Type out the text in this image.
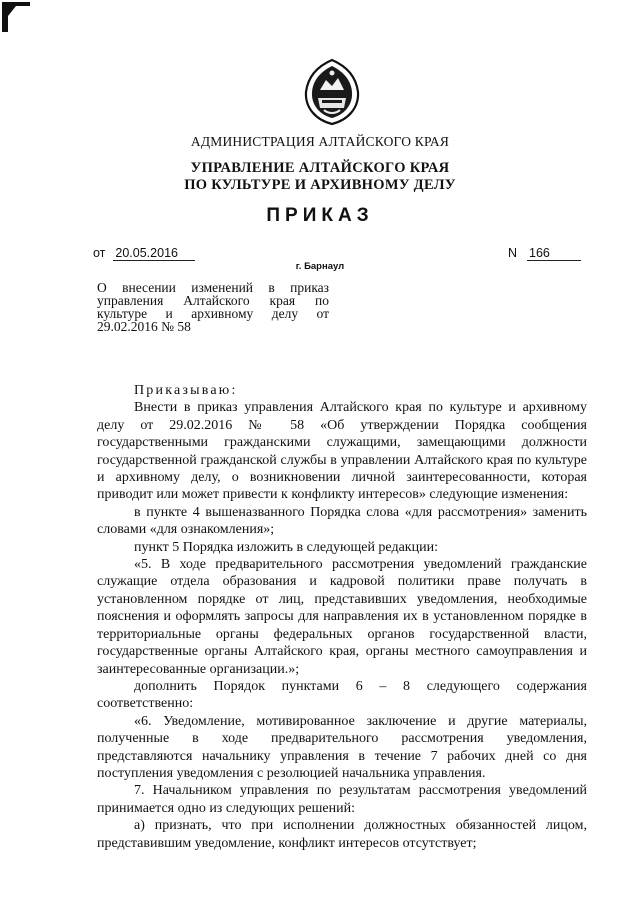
АДМИНИСТРАЦИЯ АЛТАЙСКОГО КРАЯ
УПРАВЛЕНИЕ АЛТАЙСКОГО КРАЯ
ПО КУЛЬТУРЕ И АРХИВНОМУ ДЕЛУ
ПРИКАЗ
от 20.05.2016	N 166
г. Барнаул
О внесении изменений в приказ
управления Алтайского края по
культуре и архивному делу от
29.02.2016 № 58

Приказываю:

Внести в приказ управления Алтайского края по культуре и архивному делу от 29.02.2016 № 58 «Об утверждении Порядка сообщения государственными гражданскими служащими, замещающими должности государственной гражданской службы в управлении Алтайского края по культуре и архивному делу, о возникновении личной заинтересованности, которая приводит или может привести к конфликту интересов» следующие изменения:

в пункте 4 вышеназванного Порядка слова «для рассмотрения» заменить словами «для ознакомления»;

пункт 5 Порядка изложить в следующей редакции:

«5. В ходе предварительного рассмотрения уведомлений гражданские служащие отдела образования и кадровой политики праве получать в установленном порядке от лиц, представивших уведомления, необходимые пояснения и оформлять запросы для направления их в установленном порядке в территориальные органы федеральных органов государственной власти, государственные органы Алтайского края, органы местного самоуправления и заинтересованные организации.»;

дополнить Порядок пунктами 6 – 8 следующего содержания соответственно:

«6. Уведомление, мотивированное заключение и другие материалы, полученные в ходе предварительного рассмотрения уведомления, представляются начальнику управления в течение 7 рабочих дней со дня поступления уведомления с резолюцией начальника управления.

7. Начальником управления по результатам рассмотрения уведомлений принимается одно из следующих решений:

а) признать, что при исполнении должностных обязанностей лицом, представившим уведомление, конфликт интересов отсутствует;
